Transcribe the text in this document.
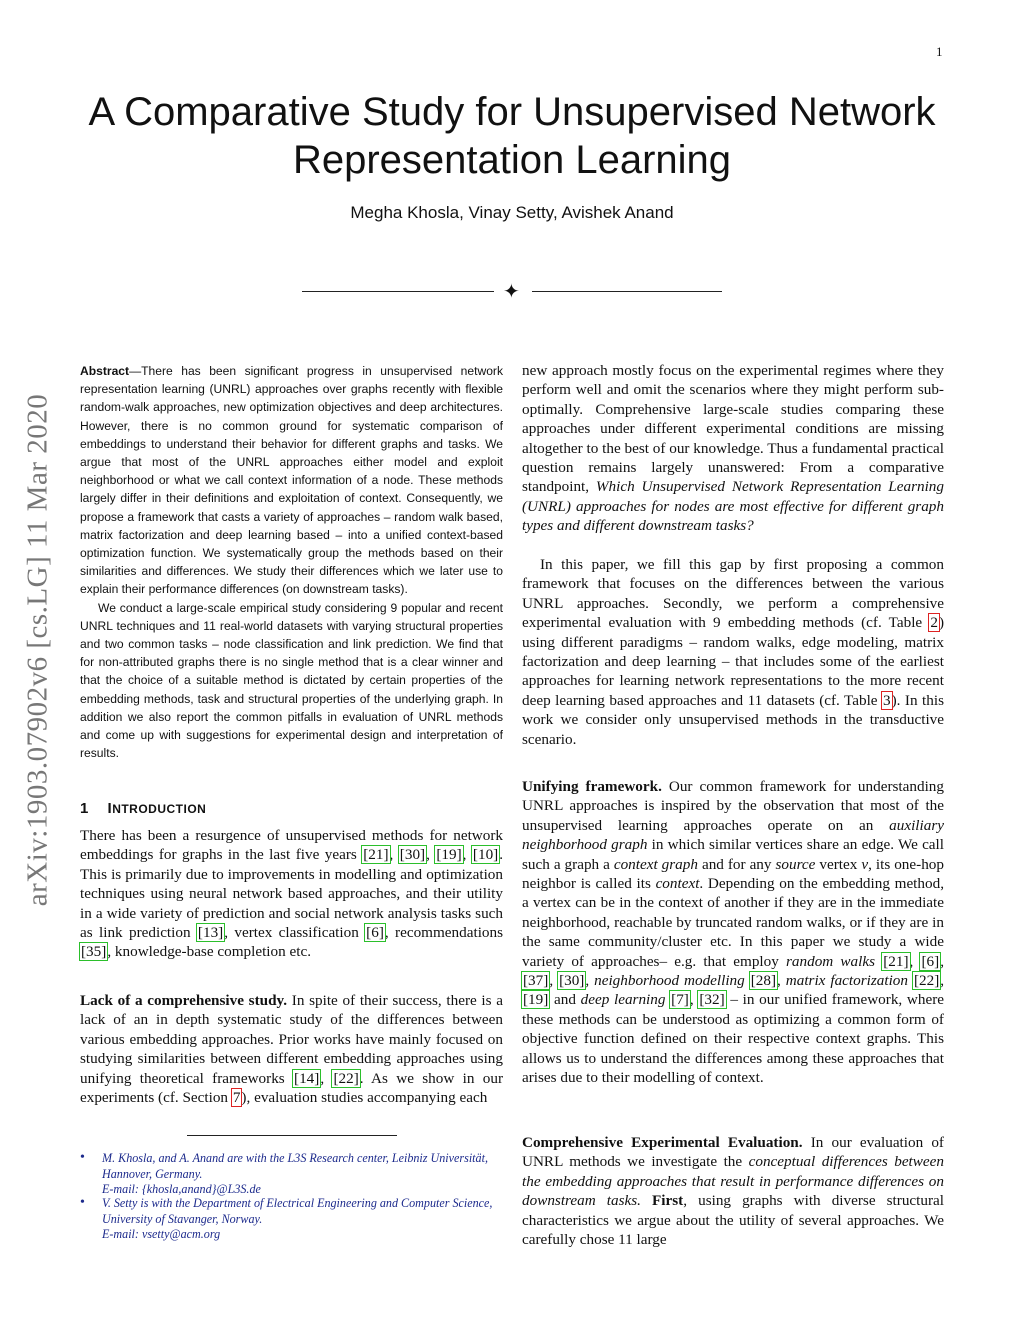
1
A Comparative Study for Unsupervised Network
Representation Learning
Megha Khosla, Vinay Setty, Avishek Anand
✦
arXiv:1903.07902v6 [cs.LG] 11 Mar 2020

Abstract—There has been significant progress in unsupervised network representation learning (UNRL) approaches over graphs recently with flexible random-walk approaches, new optimization objectives and deep architectures. However, there is no common ground for systematic comparison of embeddings to understand their behavior for different graphs and tasks. We argue that most of the UNRL approaches either model and exploit neighborhood or what we call context information of a node. These methods largely differ in their definitions and exploitation of context. Consequently, we propose a framework that casts a variety of approaches – random walk based, matrix factorization and deep learning based – into a unified context-based optimization function. We systematically group the methods based on their similarities and differences. We study their differences which we later use to explain their performance differences (on downstream tasks).

We conduct a large-scale empirical study considering 9 popular and recent UNRL techniques and 11 real-world datasets with varying structural properties and two common tasks – node classification and link prediction. We find that for non-attributed graphs there is no single method that is a clear winner and that the choice of a suitable method is dictated by certain properties of the embedding methods, task and structural properties of the underlying graph. In addition we also report the common pitfalls in evaluation of UNRL methods and come up with suggestions for experimental design and interpretation of results.

1 INTRODUCTION

There has been a resurgence of unsupervised methods for network embeddings for graphs in the last five years [21], [30], [19], [10]. This is primarily due to improvements in modelling and optimization techniques using neural network based approaches, and their utility in a wide variety of prediction and social network analysis tasks such as link prediction [13], vertex classification [6], recommendations [35], knowledge-base completion etc.

Lack of a comprehensive study. In spite of their success, there is a lack of an in depth systematic study of the differences between various embedding approaches. Prior works have mainly focused on studying similarities between different embedding approaches using unifying theoretical frameworks [14], [22]. As we show in our experiments (cf. Section 7), evaluation studies accompanying each

• M. Khosla, and A. Anand are with the L3S Research center, Leibniz Universität, Hannover, Germany.
E-mail: {khosla,anand}@L3S.de
• V. Setty is with the Department of Electrical Engineering and Computer Science, University of Stavanger, Norway.
E-mail: vsetty@acm.org

new approach mostly focus on the experimental regimes where they perform well and omit the scenarios where they might perform sub-optimally. Comprehensive large-scale studies comparing these approaches under different experimental conditions are missing altogether to the best of our knowledge. Thus a fundamental practical question remains largely unanswered: From a comparative standpoint, Which Unsupervised Network Representation Learning (UNRL) approaches for nodes are most effective for different graph types and different downstream tasks?

In this paper, we fill this gap by first proposing a common framework that focuses on the differences between the various UNRL approaches. Secondly, we perform a comprehensive experimental evaluation with 9 embedding methods (cf. Table 2) using different paradigms – random walks, edge modeling, matrix factorization and deep learning – that includes some of the earliest approaches for learning network representations to the more recent deep learning based approaches and 11 datasets (cf. Table 3). In this work we consider only unsupervised methods in the transductive scenario.

Unifying framework. Our common framework for understanding UNRL approaches is inspired by the observation that most of the unsupervised learning approaches operate on an auxiliary neighborhood graph in which similar vertices share an edge. We call such a graph a context graph and for any source vertex v, its one-hop neighbor is called its context. Depending on the embedding method, a vertex can be in the context of another if they are in the immediate neighborhood, reachable by truncated random walks, or if they are in the same community/cluster etc. In this paper we study a wide variety of approaches– e.g. that employ random walks [21], [6], [37], [30], neighborhood modelling [28], matrix factorization [22], [19] and deep learning [7], [32] – in our unified framework, where these methods can be understood as optimizing a common form of objective function defined on their respective context graphs. This allows us to understand the differences among these approaches that arises due to their modelling of context.

Comprehensive Experimental Evaluation. In our evaluation of UNRL methods we investigate the conceptual differences between the embedding approaches that result in performance differences on downstream tasks. First, using graphs with diverse structural characteristics we argue about the utility of several approaches. We carefully chose 11 large
